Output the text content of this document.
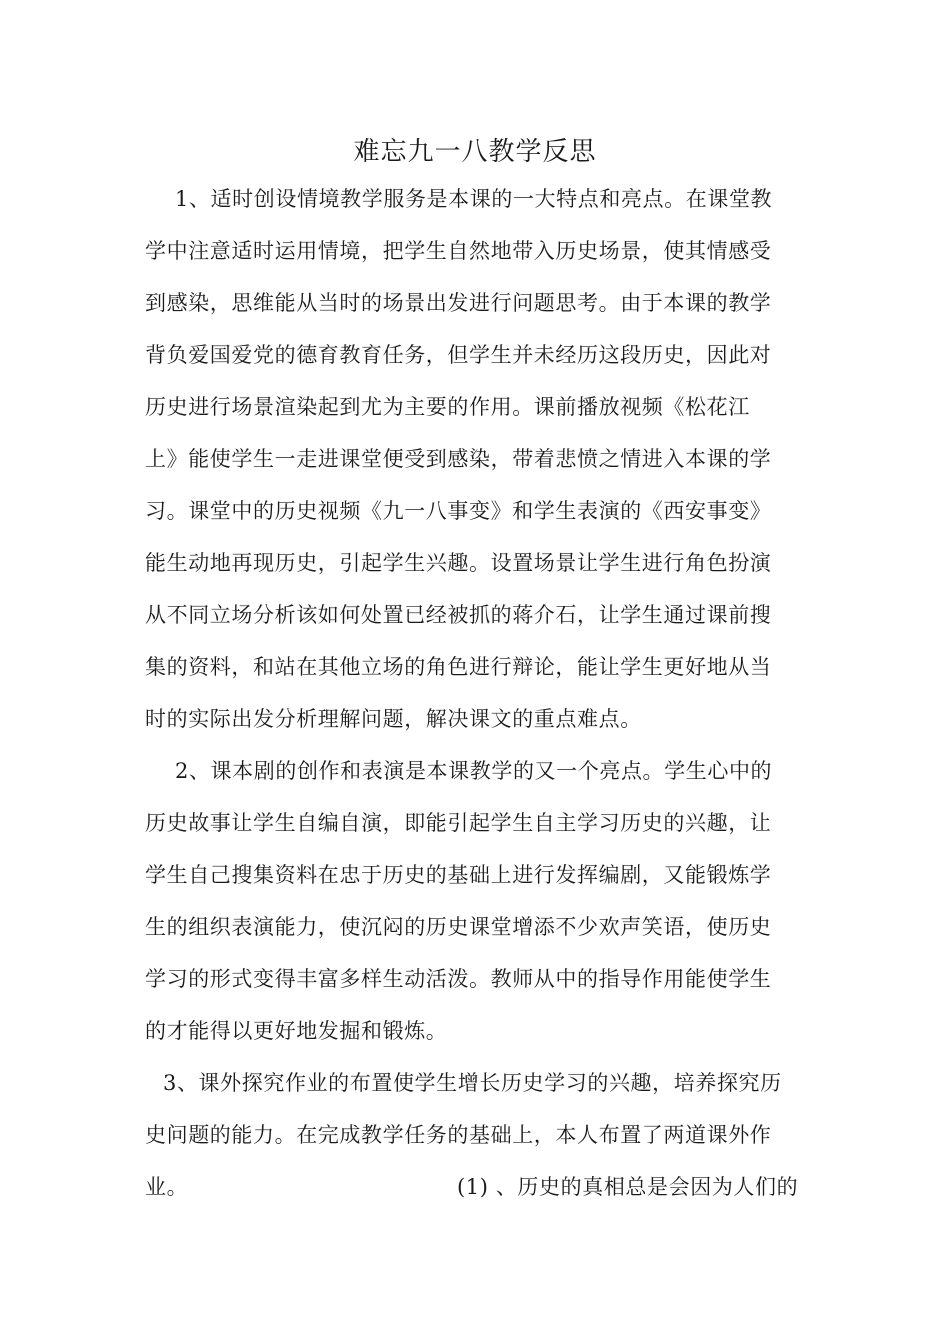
难忘九一八教学反思

1、适时创设情境教学服务是本课的一大特点和亮点。在课堂教

学中注意适时运用情境，把学生自然地带入历史场景，使其情感受

到感染，思维能从当时的场景出发进行问题思考。由于本课的教学

背负爱国爱党的德育教育任务，但学生并未经历这段历史，因此对

历史进行场景渲染起到尤为主要的作用。课前播放视频《松花江

上》能使学生一走进课堂便受到感染，带着悲愤之情进入本课的学

习。课堂中的历史视频《九一八事变》和学生表演的《西安事变》

能生动地再现历史，引起学生兴趣。设置场景让学生进行角色扮演

从不同立场分析该如何处置已经被抓的蒋介石，让学生通过课前搜

集的资料，和站在其他立场的角色进行辩论，能让学生更好地从当

时的实际出发分析理解问题，解决课文的重点难点。

2、课本剧的创作和表演是本课教学的又一个亮点。学生心中的

历史故事让学生自编自演，即能引起学生自主学习历史的兴趣，让

学生自己搜集资料在忠于历史的基础上进行发挥编剧，又能锻炼学

生的组织表演能力，使沉闷的历史课堂增添不少欢声笑语，使历史

学习的形式变得丰富多样生动活泼。教师从中的指导作用能使学生

的才能得以更好地发掘和锻炼。

3、课外探究作业的布置使学生增长历史学习的兴趣，培养探究历

史问题的能力。在完成教学任务的基础上，本人布置了两道课外作

业。	(1) 、历史的真相总是会因为人们的
